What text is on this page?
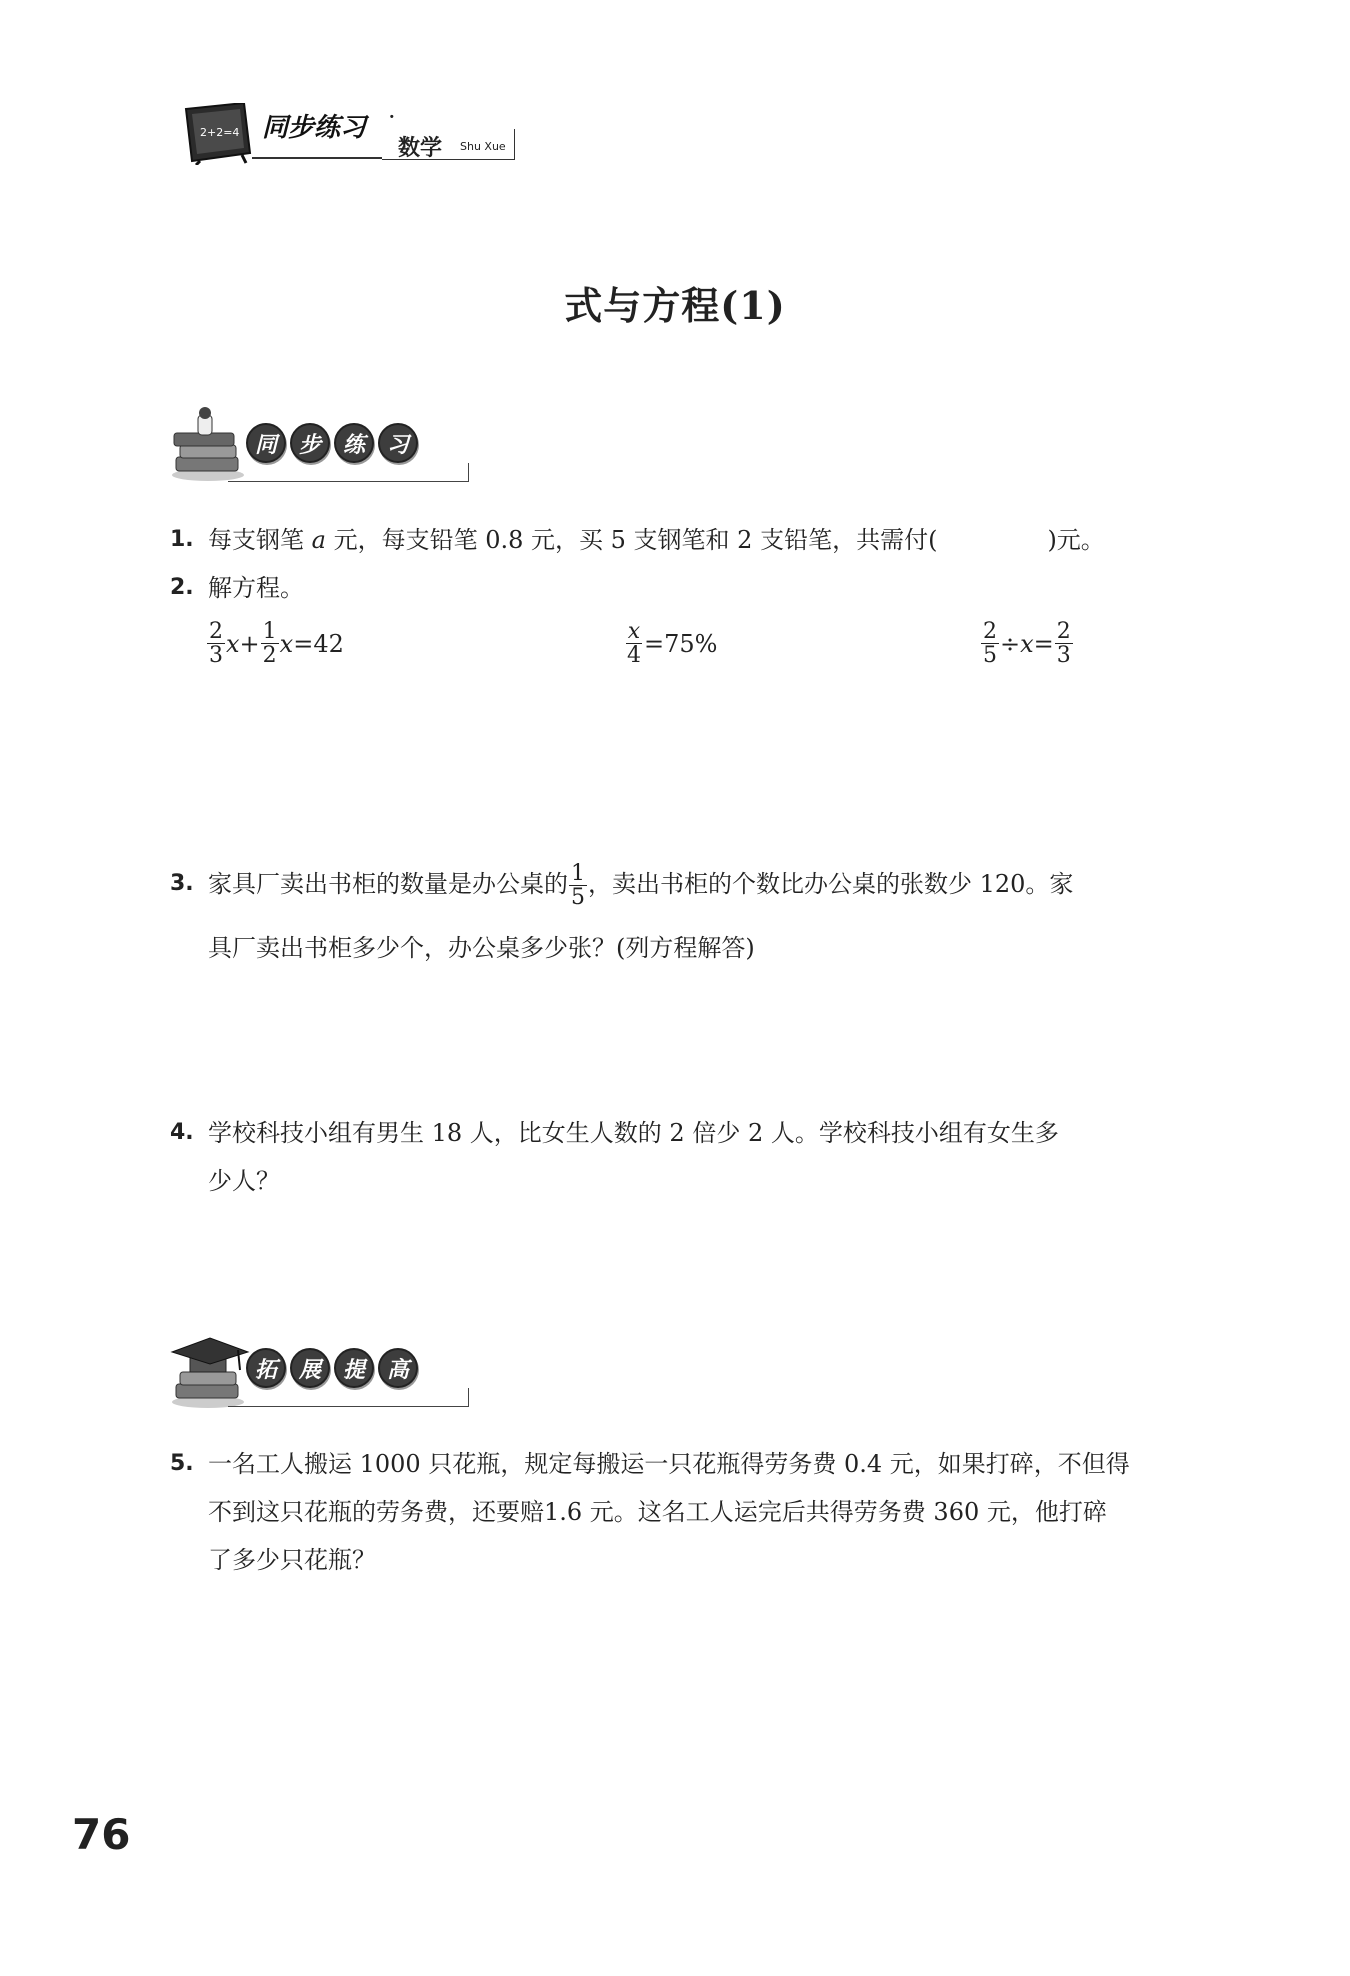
2+2=4 同步练习 ·
数学 Shu Xue
式与方程(1)
同 步 练 习
1. 每支钢笔 a 元，每支铅笔 0.8 元，买 5 支钢笔和 2 支铅笔，共需付(	)元。
2. 解方程。
$\frac{2}{3}$ $x + \frac{1}{2}$ x =42	$\frac{x}{4} =75\%$	$\frac{2}{5} \div x = \frac{2}{3}$
3. 家具厂卖出书柜的数量是办公桌的 $\frac{1}{5}$ ，卖出书柜的个数比办公桌的张数少 120。家
具厂卖出书柜多少个，办公桌多少张？(列方程解答)
4. 学校科技小组有男生 18 人，比女生人数的 2 倍少 2 人。学校科技小组有女生多
少人？
拓 展 提 高
5. 一名工人搬运 1000 只花瓶，规定每搬运一只花瓶得劳务费 0.4 元，如果打碎，不但得
不到这只花瓶的劳务费，还要赔1.6 元。这名工人运完后共得劳务费 360 元，他打碎
了多少只花瓶？
76
